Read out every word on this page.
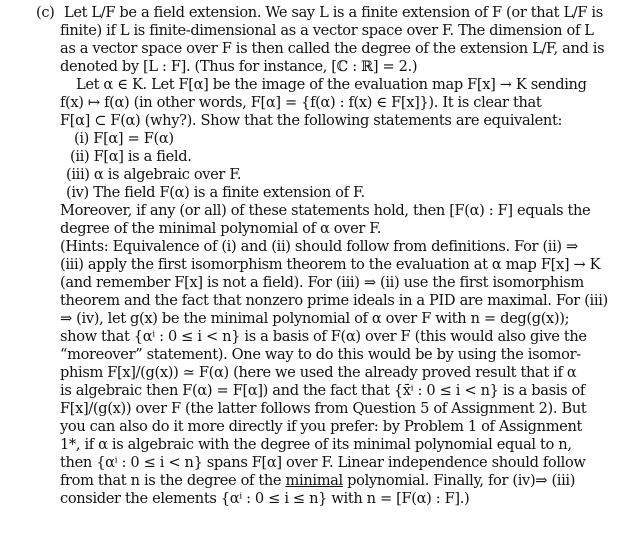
(c) Let L/F be a field extension. We say L is a finite extension of F (or that L/F is
finite) if L is finite-dimensional as a vector space over F. The dimension of L
as a vector space over F is then called the degree of the extension L/F, and is
denoted by [L : F]. (Thus for instance, [ℂ : ℝ] = 2.)
Let α ∈ K. Let F[α] be the image of the evaluation map F[x] → K sending
f(x) ↦ f(α) (in other words, F[α] = {f(α) : f(x) ∈ F[x]}). It is clear that
F[α] ⊂ F(α) (why?). Show that the following statements are equivalent:
(i) F[α] = F(α)
(ii) F[α] is a field.
(iii) α is algebraic over F.
(iv) The field F(α) is a finite extension of F.
Moreover, if any (or all) of these statements hold, then [F(α) : F] equals the
degree of the minimal polynomial of α over F.
(Hints: Equivalence of (i) and (ii) should follow from definitions. For (ii) ⇒
(iii) apply the first isomorphism theorem to the evaluation at α map F[x] → K
(and remember F[x] is not a field). For (iii) ⇒ (ii) use the first isomorphism
theorem and the fact that nonzero prime ideals in a PID are maximal. For (iii)
⇒ (iv), let g(x) be the minimal polynomial of α over F with n = deg(g(x));
show that {αⁱ : 0 ≤ i < n} is a basis of F(α) over F (this would also give the
“moreover” statement). One way to do this would be by using the isomor-
phism F[x]/(g(x)) ≃ F(α) (here we used the already proved result that if α
is algebraic then F(α) = F[α]) and the fact that {x̄ⁱ : 0 ≤ i < n} is a basis of
F[x]/(g(x)) over F (the latter follows from Question 5 of Assignment 2). But
you can also do it more directly if you prefer: by Problem 1 of Assignment
1*, if α is algebraic with the degree of its minimal polynomial equal to n,
then {αⁱ : 0 ≤ i < n} spans F[α] over F. Linear independence should follow
from that n is the degree of the minimal polynomial. Finally, for (iv)⇒ (iii)
consider the elements {αⁱ : 0 ≤ i ≤ n} with n = [F(α) : F].)
